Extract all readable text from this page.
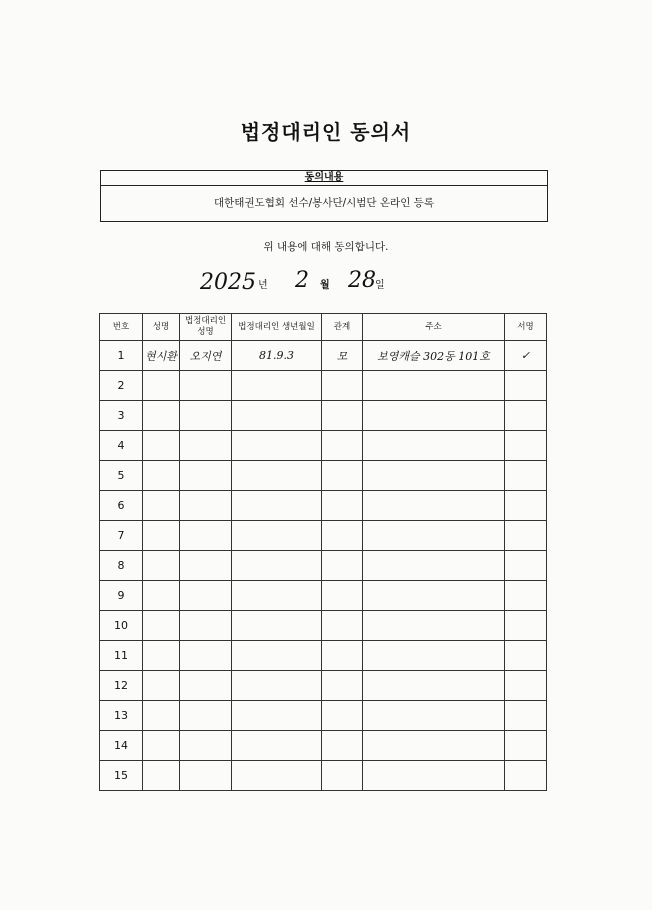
법정대리인 동의서
동의내용
대한태권도협회 선수/봉사단/시범단 온라인 등록
위 내용에 대해 동의합니다.
2025 년 2 월 28 일
번호	성명	법정대리인 성명	법정대리인 생년월일	관계	주소	서명
1	현시환	오지연	81.9.3	모	보영캐슬 302동 101호	✓
2						
3						
4						
5						
6						
7						
8						
9						
10						
11						
12						
13						
14						
15						
